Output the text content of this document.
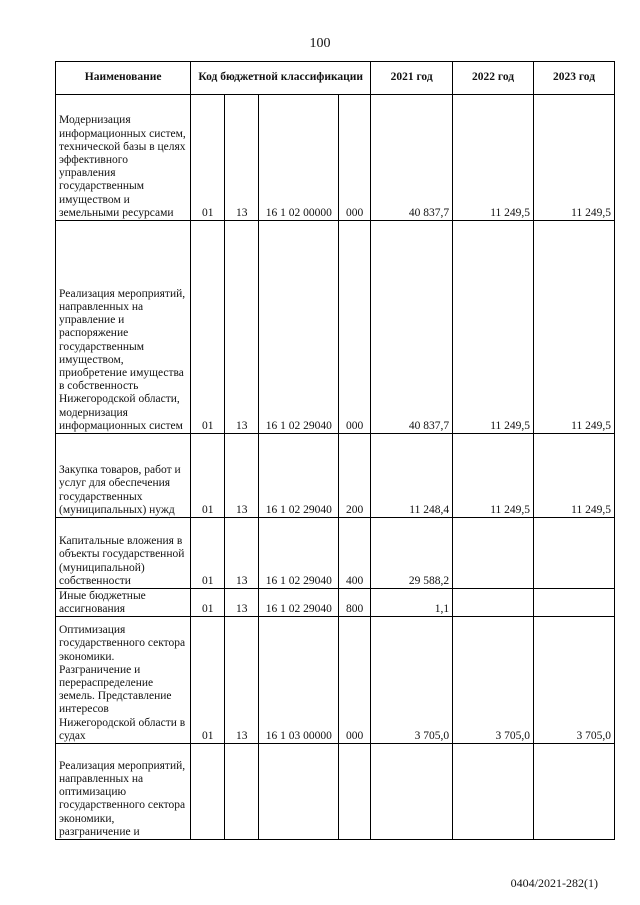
100
Наименование	Код бюджетной классификации				2021 год	2022 год	2023 год
Модернизация информационных систем, технической базы в целях эффективного управления государственным имуществом и земельными ресурсами	01	13	16 1 02 00000	000	40 837,7	11 249,5	11 249,5
Реализация мероприятий, направленных на управление и распоряжение государственным имуществом, приобретение имущества в собственность Нижегородской области, модернизация информационных систем	01	13	16 1 02 29040	000	40 837,7	11 249,5	11 249,5
Закупка товаров, работ и услуг для обеспечения государственных (муниципальных) нужд	01	13	16 1 02 29040	200	11 248,4	11 249,5	11 249,5
Капитальные вложения в объекты государственной (муниципальной) собственности	01	13	16 1 02 29040	400	29 588,2		
Иные бюджетные ассигнования	01	13	16 1 02 29040	800	1,1		
Оптимизация государственного сектора экономики. Разграничение и перераспределение земель. Представление интересов Нижегородской области в судах	01	13	16 1 03 00000	000	3 705,0	3 705,0	3 705,0
Реализация мероприятий, направленных на оптимизацию государственного сектора экономики, разграничение и							
0404/2021-282(1)
